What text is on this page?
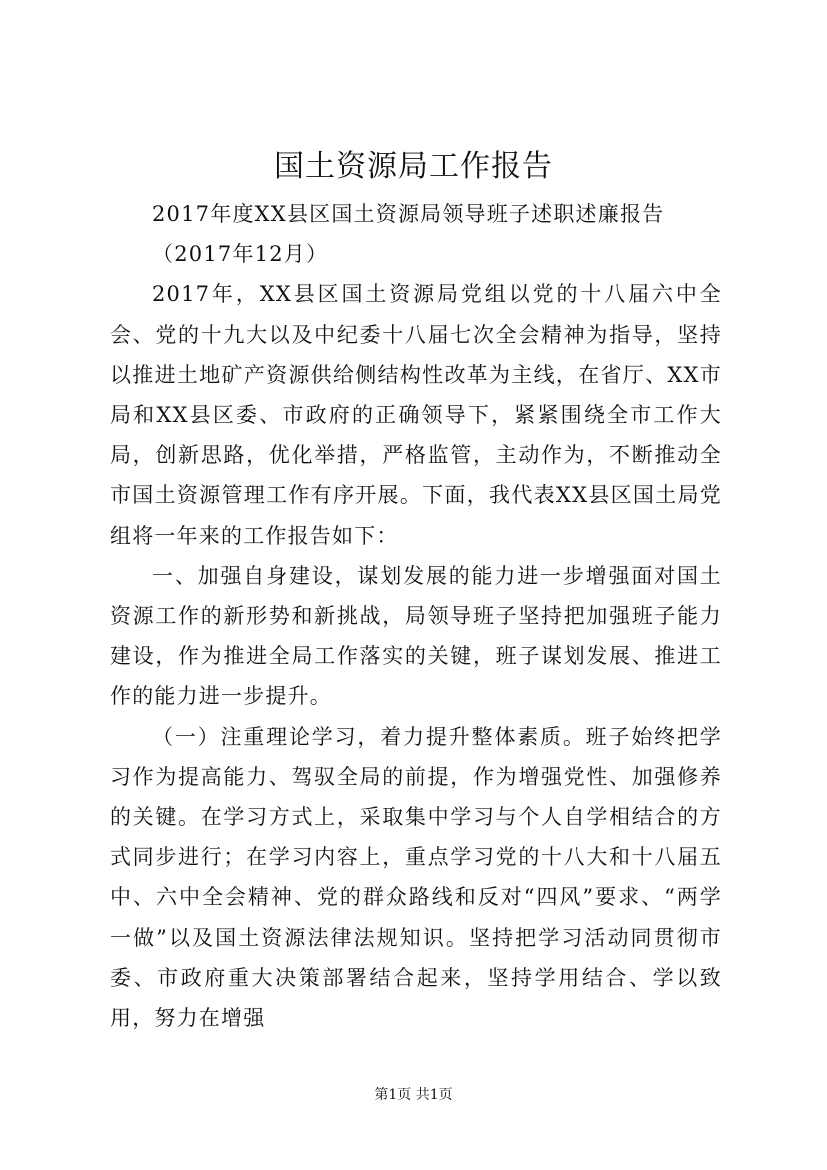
国土资源局工作报告

2017年度XX县区国土资源局领导班子述职述廉报告

（2017年12月）

2017年，XX县区国土资源局党组以党的十八届六中全会、党的十九大以及中纪委十八届七次全会精神为指导，坚持以推进土地矿产资源供给侧结构性改革为主线，在省厅、XX市局和XX县区委、市政府的正确领导下，紧紧围绕全市工作大局，创新思路，优化举措，严格监管，主动作为，不断推动全市国土资源管理工作有序开展。下面，我代表XX县区国土局党组将一年来的工作报告如下：

一、加强自身建设，谋划发展的能力进一步增强面对国土资源工作的新形势和新挑战，局领导班子坚持把加强班子能力建设，作为推进全局工作落实的关键，班子谋划发展、推进工作的能力进一步提升。

（一）注重理论学习，着力提升整体素质。班子始终把学习作为提高能力、驾驭全局的前提，作为增强党性、加强修养的关键。在学习方式上，采取集中学习与个人自学相结合的方式同步进行；在学习内容上，重点学习党的十八大和十八届五中、六中全会精神、党的群众路线和反对“四风”要求、“两学一做”以及国土资源法律法规知识。坚持把学习活动同贯彻市委、市政府重大决策部署结合起来，坚持学用结合、学以致用，努力在增强

第1页 共1页
